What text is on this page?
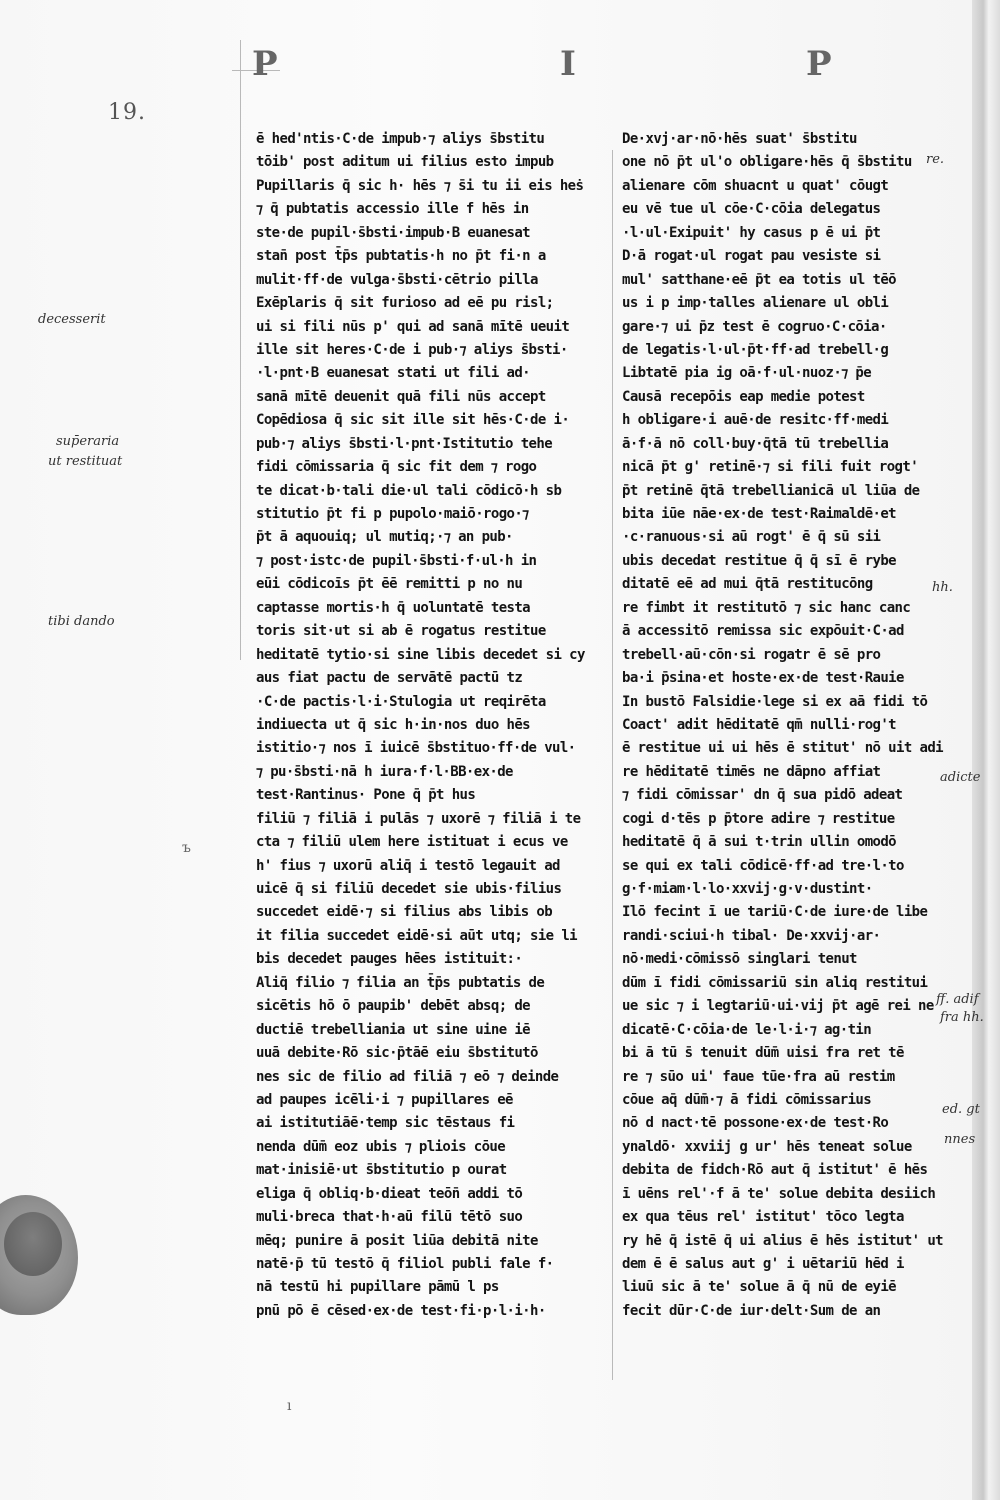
19.
P	I	P
decesserit
sup̄eraria
ut restituat
tibi dando
re.
hh.
adicte
ff. adif
fra hh.
ed. gt
nnes
ъ
ı
ē hed'ntis·C·de impub·⁊ aliys s̄bstitu
tōib' post aditum ui filius esto impub
Pupillaris q̄ sic h· hēs ⁊ s̄i tu ii eis heṡ
⁊ q̄ pubtatis accessio ille f hēs in
ste·de pupil·s̄bsti·impub·B euanesat
stan̄ post t̄p̄s pubtatis·h no p̄t fi·n a
mulit·ff·de vulga·s̄bsti·cētrio pilla
Exēplaris q̄ sit furioso ad eē pu risl;
ui si fili nūs p' qui ad sanā mītē ueuit
ille sit heres·C·de i pub·⁊ aliys s̄bsti·
·l·pnt·B euanesat stati ut fili ad·
sanā mītē deuenit quā fili nūs accept
Copēdiosa q̄ sic sit ille sit hēs·C·de i·
pub·⁊ aliys s̄bsti·l·pnt·Istitutio tehe
fidi cōmissaria q̄ sic fit dem ⁊ rogo
te dicat·b·tali die·ul tali cōdicō·h sb
stitutio p̄t fi p pupolo·maiō·rogo·⁊
p̄t ā aquouiq; ul mutiq;·⁊ an pub·
⁊ post·istc·de pupil·s̄bsti·f·ul·h in
eūi cōdicoīs p̄t ēē remitti p no nu
captasse mortis·h q̄ uoluntatē testa
toris sit·ut si ab ē rogatus restitue
heditatē tytio·si sine libis decedet si cy
aus fiat pactu de servātē pactū tz
·C·de pactis·l·i·Stulogia ut reqirēta
indiuecta ut q̄ sic h·in·nos duo hēs
istitio·⁊ nos ī iuicē s̄bstituo·ff·de vul·
⁊ pu·s̄bsti·nā h iura·f·l·BB·ex·de
test·Rantinus· Pone q̄ p̄t hus
filiū ⁊ filiā i pulās ⁊ uxorē ⁊ filiā i te
cta ⁊ filiū ulem here istituat i ecus ve
h' fius ⁊ uxorū aliq̄ i testō legauit ad
uicē q̄ si filiū decedet sie ubis·filius
succedet eidē·⁊ si filius abs libis ob
it filia succedet eidē·si aūt utq; sie li
bis decedet pauges hēes istituit:·
Aliq̄ filio ⁊ filia an t̄p̄s pubtatis de
sicētis hō ō paupib' debēt absq; de
ductiē trebelliania ut sine uine iē
uuā debite·Rō sic·p̄tāē eiu s̄bstitutō
nes sic de filio ad filiā ⁊ eō ⁊ deinde
ad paupes icēli·i ⁊ pupillares eē
ai istitutiāē·temp sic tēstaus fi
nenda dūm̄ eoz ubis ⁊ pliois cōue
mat·inisiē·ut s̄bstitutio p ourat
eliga q̄ obliq·b·dieat teōn̄ addi tō
muli·breca that·h·aū filū tētō suo
mēq; punire ā posit liūa debitā nite
natē·p̄ tū testō q̄ filiol publi fale f·
nā testū hi pupillare pāmū l ps
pnū pō ē cēsed·ex·de test·fi·p·l·i·h·
De·xvj·ar·nō·hēs suat' s̄bstitu
one nō p̄t ul'o obligare·hēs q̄ s̄bstitu
alienare cōm shuacnt u quat' cōugt
eu vē tue ul cōe·C·cōia delegatus
·l·ul·Exipuit' hy casus p ē ui p̄t
D·ā rogat·ul rogat pau vesiste si
mul' satthane·eē p̄t ea totis ul tēō
us i p imp·talles alienare ul obli
gare·⁊ ui p̄z test ē cogruo·C·cōia·
de legatis·l·ul·p̄t·ff·ad trebell·g
Libtatē pia ig oā·f·ul·nuoz·⁊ p̄e
Causā recepōis eap medie potest
h obligare·i auē·de resitc·ff·medi
ā·f·ā nō coll·buy·q̄tā tū trebellia
nicā p̄t g' retinē·⁊ si fili fuit rogt'
p̄t retinē q̄tā trebellianicā ul liūa de
bita iūe nāe·ex·de test·Raimaldē·et
·c·ranuous·si aū rogt' ē q̄ sū sii
ubis decedat restitue q̄ q̄ sī ē rybe
ditatē eē ad mui q̄tā restitucōng
re fimbt it restitutō ⁊ sic hanc canc
ā accessitō remissa sic expōuit·C·ad
trebell·aū·cōn·si rogatr ē sē pro
ba·i p̄sina·et hoste·ex·de test·Rauie
In bustō Falsidie·lege si ex aā fidi tō
Coact' adit hēditatē qm̄ nulli·rog't
ē restitue ui ui hēs ē stitut' nō uit adi
re hēditatē timēs ne dāpno affiat
⁊ fidi cōmissar' dn q̄ sua pidō adeat
cogi d·tēs p p̄tore adire ⁊ restitue
heditatē q̄ ā sui t·trin ullin omodō
se qui ex tali cōdicē·ff·ad tre·l·to
g·f·miam·l·lo·xxvij·g·v·dustint·
Ilō fecint ī ue tariū·C·de iure·de libe
randi·sciui·h tibal· De·xxvij·ar·
nō·medi·cōmissō singlari tenut
dūm ī fidi cōmissariū sin aliq restitui
ue sic ⁊ i legtariū·ui·vij p̄t agē rei ne
dicatē·C·cōia·de le·l·i·⁊ ag·tin
bi ā tū s̄ tenuit dūm̄ uisi fra ret tē
re ⁊ sūo ui' faue tūe·fra aū restim
cōue aq̄ dūm̄·⁊ ā fidi cōmissarius
nō d nact·tē possone·ex·de test·Ro
ynaldō· xxviij g ur' hēs teneat solue
debita de fidch·Rō aut q̄ istitut' ē hēs
ī uēns rel'·f ā te' solue debita desiich
ex qua tēus rel' istitut' tōco legta
ry hē q̄ istē q̄ ui alius ē hēs istitut' ut
dem ē ē salus aut g' i uētariū hēd i
liuū sic ā te' solue ā q̄ nū de eyiē
fecit dūr·C·de iur·delt·Sum de an
